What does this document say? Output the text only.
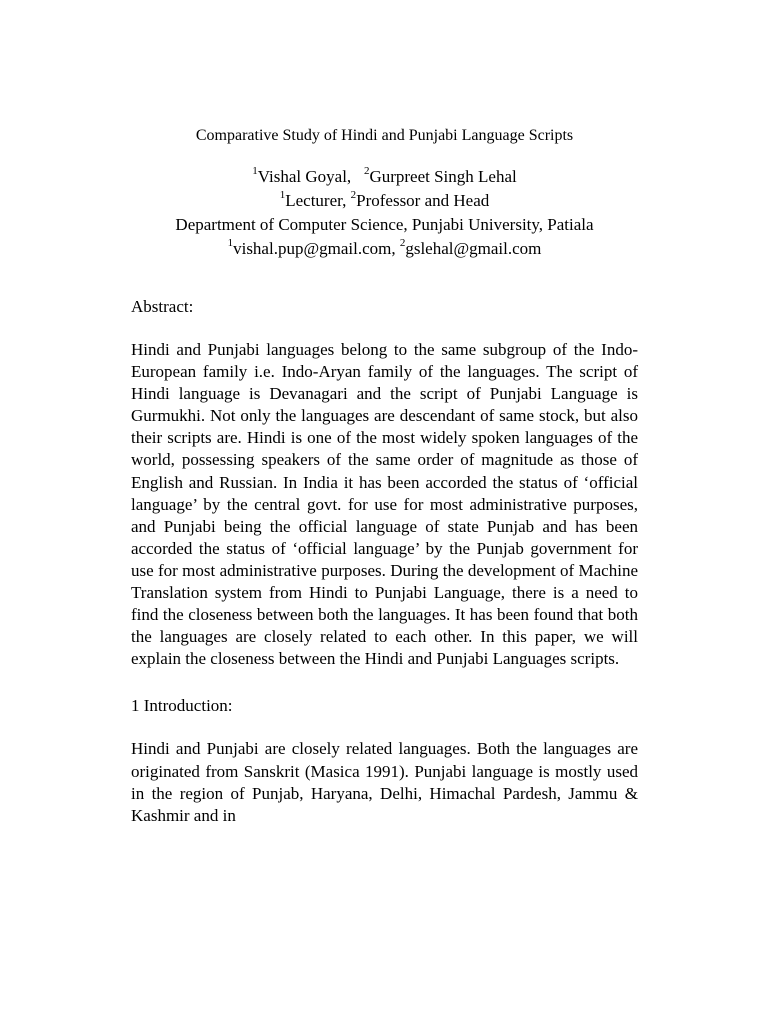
Comparative Study of Hindi and Punjabi Language Scripts
$^1$Vishal Goyal, $^2$Gurpreet Singh Lehal
$^1$Lecturer, $^2$Professor and Head
Department of Computer Science, Punjabi University, Patiala
$^1$vishal.pup@gmail.com, $^2$gslehal@gmail.com
Abstract:

Hindi and Punjabi languages belong to the same subgroup of the Indo-European family i.e. Indo-Aryan family of the languages. The script of Hindi language is Devanagari and the script of Punjabi Language is Gurmukhi. Not only the languages are descendant of same stock, but also their scripts are. Hindi is one of the most widely spoken languages of the world, possessing speakers of the same order of magnitude as those of English and Russian. In India it has been accorded the status of ‘official language’ by the central govt. for use for most administrative purposes, and Punjabi being the official language of state Punjab and has been accorded the status of ‘official language’ by the Punjab government for use for most administrative purposes. During the development of Machine Translation system from Hindi to Punjabi Language, there is a need to find the closeness between both the languages. It has been found that both the languages are closely related to each other. In this paper, we will explain the closeness between the Hindi and Punjabi Languages scripts.

1 Introduction:

Hindi and Punjabi are closely related languages. Both the languages are originated from Sanskrit (Masica 1991). Punjabi language is mostly used in the region of Punjab, Haryana, Delhi, Himachal Pardesh, Jammu & Kashmir and in
